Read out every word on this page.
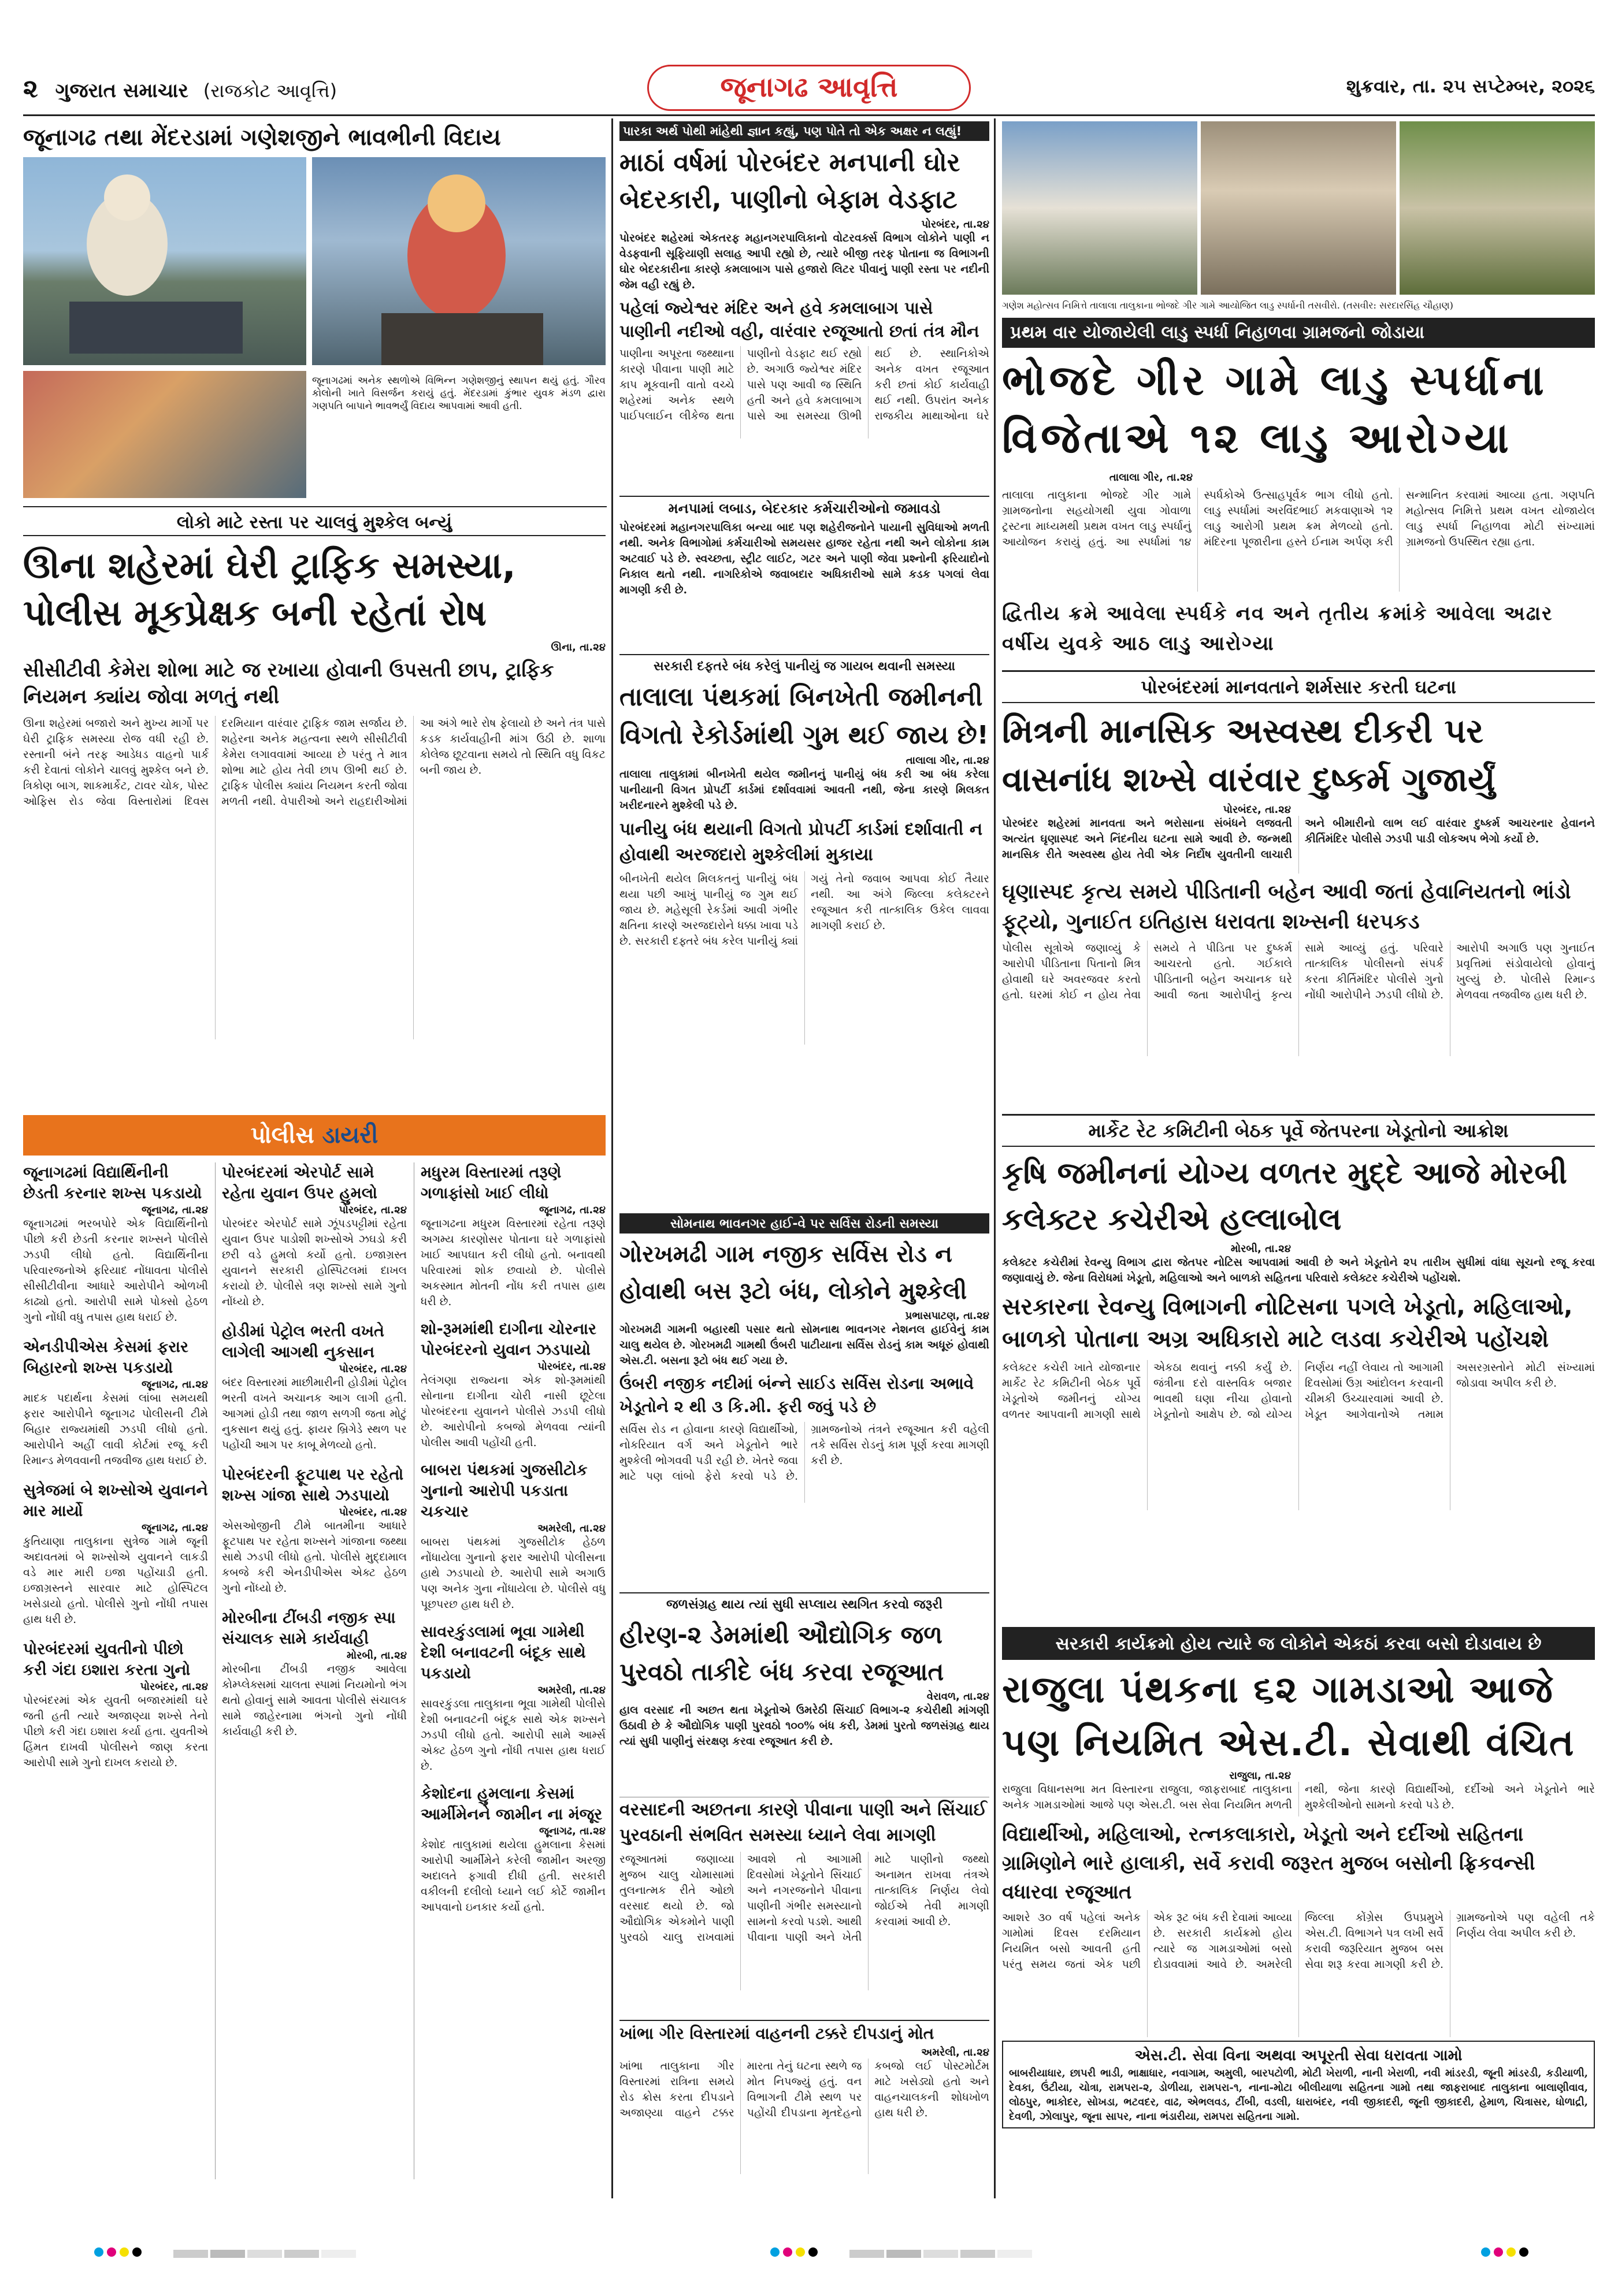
૨ ગુજરાત સમાચાર (રાજકોટ આવૃત્તિ)	જૂનાગઢ આવૃત્તિ	શુક્રવાર, તા. ૨૫ સપ્ટેમ્બર, ૨૦૨૬
જૂનાગઢ તથા મેંદરડામાં ગણેશજીને ભાવભીની વિદાય
જૂનાગઢમાં અનેક સ્થળોએ વિભિન્ન ગણેશજીનું સ્થાપન થયું હતું. ગૌરવ કોલોની ખાતે વિસર્જન કરાયું હતું. મેંદરડામાં કુંભાર યુવક મંડળ દ્વારા ગણપતિ બાપાને ભાવભર્યું વિદાય આપવામાં આવી હતી.
લોકો માટે રસ્તા પર ચાલવું મુશ્કેલ બન્યું
ઊના શહેરમાં ઘેરી ટ્રાફિક સમસ્યા, પોલીસ મૂકપ્રેક્ષક બની રહેતાં રોષ
ઊના, તા.૨૪
સીસીટીવી કેમેરા શોભા માટે જ રખાયા હોવાની ઉપસતી છાપ, ટ્રાફિક નિયમન ક્યાંય જોવા મળતું નથી
ઊના શહેરમાં બજારો અને મુખ્ય માર્ગો પર ઘેરી ટ્રાફિક સમસ્યા રોજ વધી રહી છે. રસ્તાની બંને તરફ આડેધડ વાહનો પાર્ક કરી દેવાતાં લોકોને ચાલવું મુશ્કેલ બને છે. ત્રિકોણ બાગ, શાકમાર્કેટ, ટાવર ચોક, પોસ્ટ ઓફિસ રોડ જેવા વિસ્તારોમાં દિવસ દરમિયાન વારંવાર ટ્રાફિક જામ સર્જાય છે. શહેરના અનેક મહત્વના સ્થળે સીસીટીવી કેમેરા લગાવવામાં આવ્યા છે પરંતુ તે માત્ર શોભા માટે હોય તેવી છાપ ઊભી થઈ છે. ટ્રાફિક પોલીસ ક્યાંય નિયમન કરતી જોવા મળતી નથી. વેપારીઓ અને રાહદારીઓમાં આ અંગે ભારે રોષ ફેલાયો છે અને તંત્ર પાસે કડક કાર્યવાહીની માંગ ઉઠી છે. શાળા કોલેજ છૂટવાના સમયે તો સ્થિતિ વધુ વિકટ બની જાય છે.
પોલીસ ડાયરી
જૂનાગઢમાં વિદ્યાર્થિનીની છેડતી કરનાર શખ્સ પકડાયો
જૂનાગઢ, તા.૨૪
જૂનાગઢમાં ભરબપોરે એક વિદ્યાર્થિનીનો પીછો કરી છેડતી કરનાર શખ્સને પોલીસે ઝડપી લીધો હતો. વિદ્યાર્થિનીના પરિવારજનોએ ફરિયાદ નોંધાવતા પોલીસે સીસીટીવીના આધારે આરોપીને ઓળખી કાઢ્યો હતો. આરોપી સામે પોક્સો હેઠળ ગુનો નોંધી વધુ તપાસ હાથ ધરાઈ છે.
એનડીપીએસ કેસમાં ફરાર બિહારનો શખ્સ પકડાયો
જૂનાગઢ, તા.૨૪
માદક પદાર્થના કેસમાં લાંબા સમયથી ફરાર આરોપીને જૂનાગઢ પોલીસની ટીમે બિહાર રાજ્યમાંથી ઝડપી લીધો હતો. આરોપીને અહીં લાવી કોર્ટમાં રજૂ કરી રિમાન્ડ મેળવવાની તજવીજ હાથ ધરાઈ છે.
સુત્રેજમાં બે શખ્સોએ યુવાનને માર માર્યો
જૂનાગઢ, તા.૨૪
કુતિયાણા તાલુકાના સુત્રેજ ગામે જૂની અદાવતમાં બે શખ્સોએ યુવાનને લાકડી વડે માર મારી ઇજા પહોંચાડી હતી. ઇજાગ્રસ્તને સારવાર માટે હોસ્પિટલ ખસેડાયો હતો. પોલીસે ગુનો નોંધી તપાસ હાથ ધરી છે.
પોરબંદરમાં યુવતીનો પીછો કરી ગંદા ઇશારા કરતા ગુનો
પોરબંદર, તા.૨૪
પોરબંદરમાં એક યુવતી બજારમાંથી ઘરે જતી હતી ત્યારે અજાણ્યા શખ્સે તેનો પીછો કરી ગંદા ઇશારા કર્યા હતા. યુવતીએ હિંમત દાખવી પોલીસને જાણ કરતા આરોપી સામે ગુનો દાખલ કરાયો છે.
પોરબંદરમાં એરપોર્ટ સામે રહેતા યુવાન ઉપર હુમલો
પોરબંદર, તા.૨૪
પોરબંદર એરપોર્ટ સામે ઝૂંપડપટ્ટીમાં રહેતા યુવાન ઉપર પાડોશી શખ્સોએ ઝઘડો કરી છરી વડે હુમલો કર્યો હતો. ઇજાગ્રસ્ત યુવાનને સરકારી હોસ્પિટલમાં દાખલ કરાયો છે. પોલીસે ત્રણ શખ્સો સામે ગુનો નોંધ્યો છે.
હોડીમાં પેટ્રોલ ભરતી વખતે લાગેલી આગથી નુકસાન
પોરબંદર, તા.૨૪
બંદર વિસ્તારમાં માછીમારીની હોડીમાં પેટ્રોલ ભરતી વખતે અચાનક આગ લાગી હતી. આગમાં હોડી તથા જાળ સળગી જતા મોટું નુકસાન થયું હતું. ફાયર બ્રિગેડે સ્થળ પર પહોંચી આગ પર કાબૂ મેળવ્યો હતો.
પોરબંદરની ફૂટપાથ પર રહેતો શખ્સ ગાંજા સાથે ઝડપાયો
પોરબંદર, તા.૨૪
એસઓજીની ટીમે બાતમીના આધારે ફૂટપાથ પર રહેતા શખ્સને ગાંજાના જથ્થા સાથે ઝડપી લીધો હતો. પોલીસે મુદ્દામાલ કબજે કરી એનડીપીએસ એક્ટ હેઠળ ગુનો નોંધ્યો છે.
મોરબીના ટીંબડી નજીક સ્પા સંચાલક સામે કાર્યવાહી
મોરબી, તા.૨૪
મોરબીના ટીંબડી નજીક આવેલા કોમ્પ્લેક્સમાં ચાલતા સ્પામાં નિયમોનો ભંગ થતો હોવાનું સામે આવતા પોલીસે સંચાલક સામે જાહેરનામા ભંગનો ગુનો નોંધી કાર્યવાહી કરી છે.
મધુરમ વિસ્તારમાં તરૂણે ગળાફાંસો ખાઈ લીધો
જૂનાગઢ, તા.૨૪
જૂનાગઢના મધુરમ વિસ્તારમાં રહેતા તરૂણે અગમ્ય કારણોસર પોતાના ઘરે ગળાફાંસો ખાઈ આપઘાત કરી લીધો હતો. બનાવથી પરિવારમાં શોક છવાયો છે. પોલીસે અકસ્માત મોતની નોંધ કરી તપાસ હાથ ધરી છે.
શો-રૂમમાંથી દાગીના ચોરનાર પોરબંદરનો યુવાન ઝડપાયો
પોરબંદર, તા.૨૪
તેલંગણા રાજ્યના એક શો-રૂમમાંથી સોનાના દાગીના ચોરી નાસી છૂટેલા પોરબંદરના યુવાનને પોલીસે ઝડપી લીધો છે. આરોપીનો કબજો મેળવવા ત્યાંની પોલીસ આવી પહોંચી હતી.
બાબરા પંથકમાં ગુજસીટોક ગુનાનો આરોપી પકડાતા ચકચાર
અમરેલી, તા.૨૪
બાબરા પંથકમાં ગુજસીટોક હેઠળ નોંધાયેલા ગુનાનો ફરાર આરોપી પોલીસના હાથે ઝડપાયો છે. આરોપી સામે અગાઉ પણ અનેક ગુના નોંધાયેલા છે. પોલીસે વધુ પૂછપરછ હાથ ધરી છે.
સાવરકુંડલામાં ભૂવા ગામેથી દેશી બનાવટની બંદૂક સાથે પકડાયો
અમરેલી, તા.૨૪
સાવરકુંડલા તાલુકાના ભૂવા ગામેથી પોલીસે દેશી બનાવટની બંદૂક સાથે એક શખ્સને ઝડપી લીધો હતો. આરોપી સામે આર્મ્સ એક્ટ હેઠળ ગુનો નોંધી તપાસ હાથ ધરાઈ છે.
કેશોદના હુમલાના કેસમાં આર્મીમેનને જામીન ના મંજૂર
જૂનાગઢ, તા.૨૪
કેશોદ તાલુકામાં થયેલા હુમલાના કેસમાં આરોપી આર્મીમેને કરેલી જામીન અરજી અદાલતે ફગાવી દીધી હતી. સરકારી વકીલની દલીલો ધ્યાને લઈ કોર્ટે જામીન આપવાનો ઇનકાર કર્યો હતો.
પારકા અર્થ પોથી માંહેથી જ્ઞાન કહ્યું, પણ પોતે તો એક અક્ષર ન લહ્યું!
માઠાં વર્ષમાં પોરબંદર મનપાની ઘોર બેદરકારી, પાણીનો બેફામ વેડફાટ
પોરબંદર, તા.૨૪
પોરબંદર શહેરમાં એકતરફ મહાનગરપાલિકાનો વોટરવર્ક્સ વિભાગ લોકોને પાણી ન વેડફવાની સૂફિયાણી સલાહ આપી રહ્યો છે, ત્યારે બીજી તરફ પોતાના જ વિભાગની ઘોર બેદરકારીના કારણે કમલાબાગ પાસે હજારો લિટર પીવાનું પાણી રસ્તા પર નદીની જેમ વહી રહ્યું છે.
પહેલાં જ્યેશ્વર મંદિર અને હવે કમલાબાગ પાસે પાણીની નદીઓ વહી, વારંવાર રજૂઆતો છતાં તંત્ર મૌન
પાણીના અપૂરતા જથ્થાના કારણે પીવાના પાણી માટે કાપ મૂકવાની વાતો વચ્ચે શહેરમાં અનેક સ્થળે પાઈપલાઈન લીકેજ થતા પાણીનો વેડફાટ થઈ રહ્યો છે. અગાઉ જ્યેશ્વર મંદિર પાસે પણ આવી જ સ્થિતિ હતી અને હવે કમલાબાગ પાસે આ સમસ્યા ઊભી થઈ છે. સ્થાનિકોએ અનેક વખત રજૂઆત કરી છતાં કોઈ કાર્યવાહી થઈ નથી. ઉપરાંત અનેક રાજકીય માથાઓના ઘરે
મનપામાં લબાડ, બેદરકાર કર્મચારીઓનો જમાવડો
પોરબંદરમાં મહાનગરપાલિકા બન્યા બાદ પણ શહેરીજનોને પાયાની સુવિધાઓ મળતી નથી. અનેક વિભાગોમાં કર્મચારીઓ સમયસર હાજર રહેતા નથી અને લોકોના કામ અટવાઈ પડે છે. સ્વચ્છતા, સ્ટ્રીટ લાઈટ, ગટર અને પાણી જેવા પ્રશ્નોની ફરિયાદોનો નિકાલ થતો નથી. નાગરિકોએ જવાબદાર અધિકારીઓ સામે કડક પગલાં લેવા માગણી કરી છે.
સરકારી દફતરે બંધ કરેલું પાનીયું જ ગાયબ થવાની સમસ્યા
તાલાલા પંથકમાં બિનખેતી જમીનની વિગતો રેકોર્ડમાંથી ગુમ થઈ જાય છે!
તાલાલા ગીર, તા.૨૪
તાલાલા તાલુકામાં બીનખેતી થયેલ જમીનનું પાનીયું બંધ કરી આ બંધ કરેલા પાનીયાની વિગત પ્રોપર્ટી કાર્ડમાં દર્શાવવામાં આવતી નથી, જેના કારણે મિલકત ખરીદનારને મુશ્કેલી પડે છે.
પાનીયુ બંધ થયાની વિગતો પ્રોપર્ટી કાર્ડમાં દર્શાવાતી ન હોવાથી અરજદારો મુશ્કેલીમાં મુકાયા
બીનખેતી થયેલ મિલકતનું પાનીયું બંધ થયા પછી આખું પાનીયું જ ગુમ થઈ જાય છે. મહેસૂલી રેકર્ડમાં આવી ગંભીર ક્ષતિના કારણે અરજદારોને ધક્કા ખાવા પડે છે. સરકારી દફ્તરે બંધ કરેલ પાનીયું ક્યાં ગયું તેનો જવાબ આપવા કોઈ તૈયાર નથી. આ અંગે જિલ્લા કલેક્ટરને રજૂઆત કરી તાત્કાલિક ઉકેલ લાવવા માગણી કરાઈ છે.
સોમનાથ ભાવનગર હાઈ-વે પર સર્વિસ રોડની સમસ્યા
ગોરખમઢી ગામ નજીક સર્વિસ રોડ ન હોવાથી બસ રૂટો બંધ, લોકોને મુશ્કેલી
પ્રભાસપાટણ, તા.૨૪
ગોરખમઢી ગામની બહારથી પસાર થતો સોમનાથ ભાવનગર નેશનલ હાઈવેનું કામ ચાલુ થયેલ છે. ગોરખમઢી ગામથી ઉંબરી પાટીયાના સર્વિસ રોડનું કામ અધૂરું હોવાથી એસ.ટી. બસના રૂટો બંધ થઈ ગયા છે.
ઉંબરી નજીક નદીમાં બંન્ને સાઈડ સર્વિસ રોડના અભાવે ખેડૂતોને ૨ થી ૩ કિ.મી. ફરી જવું પડે છે
સર્વિસ રોડ ન હોવાના કારણે વિદ્યાર્થીઓ, નોકરિયાત વર્ગ અને ખેડૂતોને ભારે મુશ્કેલી ભોગવવી પડી રહી છે. ખેતરે જવા માટે પણ લાંબો ફેરો કરવો પડે છે. ગ્રામજનોએ તંત્રને રજૂઆત કરી વહેલી તકે સર્વિસ રોડનું કામ પૂર્ણ કરવા માગણી કરી છે.
જળસંગ્રહ થાય ત્યાં સુધી સપ્લાય સ્થગિત કરવો જરૂરી
હીરણ-૨ ડેમમાંથી ઔદ્યોગિક જળ પુરવઠો તાકીદે બંધ કરવા રજૂઆત
વેરાવળ, તા.૨૪
હાલ વરસાદ ની અછત થતા ખેડૂતોએ ઉમરેઠી સિંચાઈ વિભાગ-૨ કચેરીથી માંગણી ઉઠાવી છે કે ઔદ્યોગિક પાણી પુરવઠો ૧૦૦% બંધ કરી, ડેમમાં પુરતો જળસંગ્રહ થાય ત્યાં સુધી પાણીનું સંરક્ષણ કરવા રજૂઆત કરી છે.
વરસાદની અછતના કારણે પીવાના પાણી અને સિંચાઈ પુરવઠાની સંભવિત સમસ્યા ધ્યાને લેવા માગણી
રજૂઆતમાં જણાવ્યા મુજબ ચાલુ ચોમાસામાં તુલનાત્મક રીતે ઓછો વરસાદ થયો છે. જો ઔદ્યોગિક એકમોને પાણી પુરવઠો ચાલુ રાખવામાં આવશે તો આગામી દિવસોમાં ખેડૂતોને સિંચાઈ અને નગરજનોને પીવાના પાણીની ગંભીર સમસ્યાનો સામનો કરવો પડશે. આથી પીવાના પાણી અને ખેતી માટે પાણીનો જથ્થો અનામત રાખવા તંત્રએ તાત્કાલિક નિર્ણય લેવો જોઈએ તેવી માગણી કરવામાં આવી છે.
ખાંભા ગીર વિસ્તારમાં વાહનની ટક્કરે દીપડાનું મોત
અમરેલી, તા.૨૪
ખાંભા તાલુકાના ગીર વિસ્તારમાં રાત્રિના સમયે રોડ ક્રોસ કરતા દીપડાને અજાણ્યા વાહને ટક્કર મારતા તેનું ઘટના સ્થળે જ મોત નિપજ્યું હતું. વન વિભાગની ટીમે સ્થળ પર પહોંચી દીપડાના મૃતદેહનો કબજો લઈ પોસ્ટમોર્ટમ માટે ખસેડ્યો હતો અને વાહનચાલકની શોધખોળ હાથ ધરી છે.
ગણેશ મહોત્સવ નિમિત્તે તાલાલા તાલુકાના ભોજદે ગીર ગામે આયોજિત લાડુ સ્પર્ધાની તસવીરો. (તસવીર: સરદારસિંહ ચૌહાણ)
પ્રથમ વાર યોજાયેલી લાડુ સ્પર્ધા નિહાળવા ગ્રામજનો જોડાયા
ભોજદે ગીર ગામે લાડુ સ્પર્ધાના વિજેતાએ ૧૨ લાડુ આરોગ્યા
તાલાલા ગીર, તા.૨૪
તાલાલા તાલુકાના ભોજદે ગીર ગામે ગ્રામજનોના સહયોગથી યુવા ગોવાળા ટ્રસ્ટના માધ્યમથી પ્રથમ વખત લાડુ સ્પર્ધાનું આયોજન કરાયું હતું. આ સ્પર્ધામાં ૧૪ સ્પર્ધકોએ ઉત્સાહપૂર્વક ભાગ લીધો હતો. લાડુ સ્પર્ધામાં અરવિંદભાઈ મકવાણાએ ૧૨ લાડુ આરોગી પ્રથમ ક્રમ મેળવ્યો હતો. મંદિરના પૂજારીના હસ્તે ઈનામ અર્પણ કરી સન્માનિત કરવામાં આવ્યા હતા. ગણપતિ મહોત્સવ નિમિત્તે પ્રથમ વખત યોજાયેલ લાડુ સ્પર્ધા નિહાળવા મોટી સંખ્યામાં ગ્રામજનો ઉપસ્થિત રહ્યા હતા.
દ્વિતીય ક્રમે આવેલા સ્પર્ધકે નવ અને તૃતીય ક્રમાંકે આવેલા અઢાર વર્ષીય યુવકે આઠ લાડુ આરોગ્યા
પોરબંદરમાં માનવતાને શર્મસાર કરતી ઘટના
મિત્રની માનસિક અસ્વસ્થ દીકરી પર વાસનાંધ શખ્સે વારંવાર દુષ્કર્મ ગુજાર્યું
પોરબંદર, તા.૨૪
પોરબંદર શહેરમાં માનવતા અને ભરોસાના સંબંધને લજવતી અત્યંત ઘૃણાસ્પદ અને નિંદનીય ઘટના સામે આવી છે. જન્મથી માનસિક રીતે અસ્વસ્થ હોય તેવી એક નિર્દોષ યુવતીની લાચારી અને બીમારીનો લાભ લઈ વારંવાર દુષ્કર્મ આચરનાર હેવાનને કીર્તિમંદિર પોલીસે ઝડપી પાડી લોકઅપ ભેગો કર્યો છે.
ઘૃણાસ્પદ કૃત્ય સમયે પીડિતાની બહેન આવી જતાં હેવાનિયતનો ભાંડો ફૂટ્યો, ગુનાઈત ઇતિહાસ ધરાવતા શખ્સની ધરપકડ
પોલીસ સૂત્રોએ જણાવ્યું કે આરોપી પીડિતાના પિતાનો મિત્ર હોવાથી ઘરે અવરજવર કરતો હતો. ઘરમાં કોઈ ન હોય તેવા સમયે તે પીડિતા પર દુષ્કર્મ આચરતો હતો. ગઈકાલે પીડિતાની બહેન અચાનક ઘરે આવી જતા આરોપીનું કૃત્ય સામે આવ્યું હતું. પરિવારે તાત્કાલિક પોલીસનો સંપર્ક કરતા કીર્તિમંદિર પોલીસે ગુનો નોંધી આરોપીને ઝડપી લીધો છે. આરોપી અગાઉ પણ ગુનાઈત પ્રવૃત્તિમાં સંડોવાયેલો હોવાનું ખુલ્યું છે. પોલીસે રિમાન્ડ મેળવવા તજવીજ હાથ ધરી છે.
માર્કેટ રેટ કમિટીની બેઠક પૂર્વે જેતપરના ખેડૂતોનો આક્રોશ
કૃષિ જમીનનાં યોગ્ય વળતર મુદ્દે આજે મોરબી કલેક્ટર કચેરીએ હલ્લાબોલ
મોરબી, તા.૨૪
કલેક્ટર કચેરીમાં રેવન્યુ વિભાગ દ્વારા જેતપર નોટિસ આપવામાં આવી છે અને ખેડૂતોને ૨૫ તારીખ સુધીમાં વાંધા સૂચનો રજૂ કરવા જણાવાયું છે. જેના વિરોધમાં ખેડૂતો, મહિલાઓ અને બાળકો સહિતના પરિવારો કલેક્ટર કચેરીએ પહોંચશે.
સરકારના રેવન્યુ વિભાગની નોટિસના પગલે ખેડૂતો, મહિલાઓ, બાળકો પોતાના અગ્ર અધિકારો માટે લડવા કચેરીએ પહોંચશે
કલેક્ટર કચેરી ખાતે યોજાનાર માર્કેટ રેટ કમિટીની બેઠક પૂર્વે ખેડૂતોએ જમીનનું યોગ્ય વળતર આપવાની માગણી સાથે એકઠા થવાનું નક્કી કર્યું છે. જંત્રીના દરો વાસ્તવિક બજાર ભાવથી ઘણા નીચા હોવાનો ખેડૂતોનો આક્ષેપ છે. જો યોગ્ય નિર્ણય નહીં લેવાય તો આગામી દિવસોમાં ઉગ્ર આંદોલન કરવાની ચીમકી ઉચ્ચારવામાં આવી છે. ખેડૂત આગેવાનોએ તમામ અસરગ્રસ્તોને મોટી સંખ્યામાં જોડાવા અપીલ કરી છે.
સરકારી કાર્યક્રમો હોય ત્યારે જ લોકોને એકઠાં કરવા બસો દોડાવાય છે
રાજુલા પંથકના ૬૨ ગામડાઓ આજે પણ નિયમિત એસ.ટી. સેવાથી વંચિત
રાજુલા, તા.૨૪
રાજુલા વિધાનસભા મત વિસ્તારના રાજુલા, જાફરાબાદ તાલુકાના અનેક ગામડાઓમાં આજે પણ એસ.ટી. બસ સેવા નિયમિત મળતી નથી, જેના કારણે વિદ્યાર્થીઓ, દર્દીઓ અને ખેડૂતોને ભારે મુશ્કેલીઓનો સામનો કરવો પડે છે.
વિદ્યાર્થીઓ, મહિલાઓ, રત્નકલાકારો, ખેડૂતો અને દર્દીઓ સહિતના ગ્રામિણોને ભારે હાલાકી, સર્વે કરાવી જરૂરત મુજબ બસોની ફ્રિકવન્સી વધારવા રજૂઆત
આશરે ૩૦ વર્ષ પહેલાં અનેક ગામોમાં દિવસ દરમિયાન નિયમિત બસો આવતી હતી પરંતુ સમય જતાં એક પછી એક રૂટ બંધ કરી દેવામાં આવ્યા છે. સરકારી કાર્યક્રમો હોય ત્યારે જ ગામડાઓમાં બસો દોડાવવામાં આવે છે. અમરેલી જિલ્લા કોંગ્રેસ ઉપપ્રમુખે એસ.ટી. વિભાગને પત્ર લખી સર્વે કરાવી જરૂરિયાત મુજબ બસ સેવા શરૂ કરવા માગણી કરી છે. ગ્રામજનોએ પણ વહેલી તકે નિર્ણય લેવા અપીલ કરી છે.
એસ.ટી. સેવા વિના અથવા અપૂરતી સેવા ધરાવતા ગામો
બાબરીયાધાર, છાપરી ભાડી, ભાક્ષાધાર, નવાગામ, અમુલી, બારપટોળી, મોટી ખેરાળી, નાની ખેરાળી, નવી માંડરડી, જૂની માંડરડી, કડીયાળી, દેવકા, ઉંટીયા, ચોત્રા, રામપરા-૨, ડોળીયા, રામપરા-૧, નાના-મોટા બીલીયાળા સહિતના ગામો તથા જાફરાબાદ તાલુકાના બાલાણીવાવ, લોઠપુર, ભાકોદર, સોખડા, ભટવદર, વાઢ, એભલવડ, ટીંબી, વડલી, ધારાબંદર, નવી જીકાદરી, જૂની જીકાદરી, હેમાળ, ચિત્રાસર, ધોળાદ્રી, દેવળી, ઝોલાપુર, જૂના સાપર, નાના ભંડારીયા, રામપરા સહિતના ગામો.
